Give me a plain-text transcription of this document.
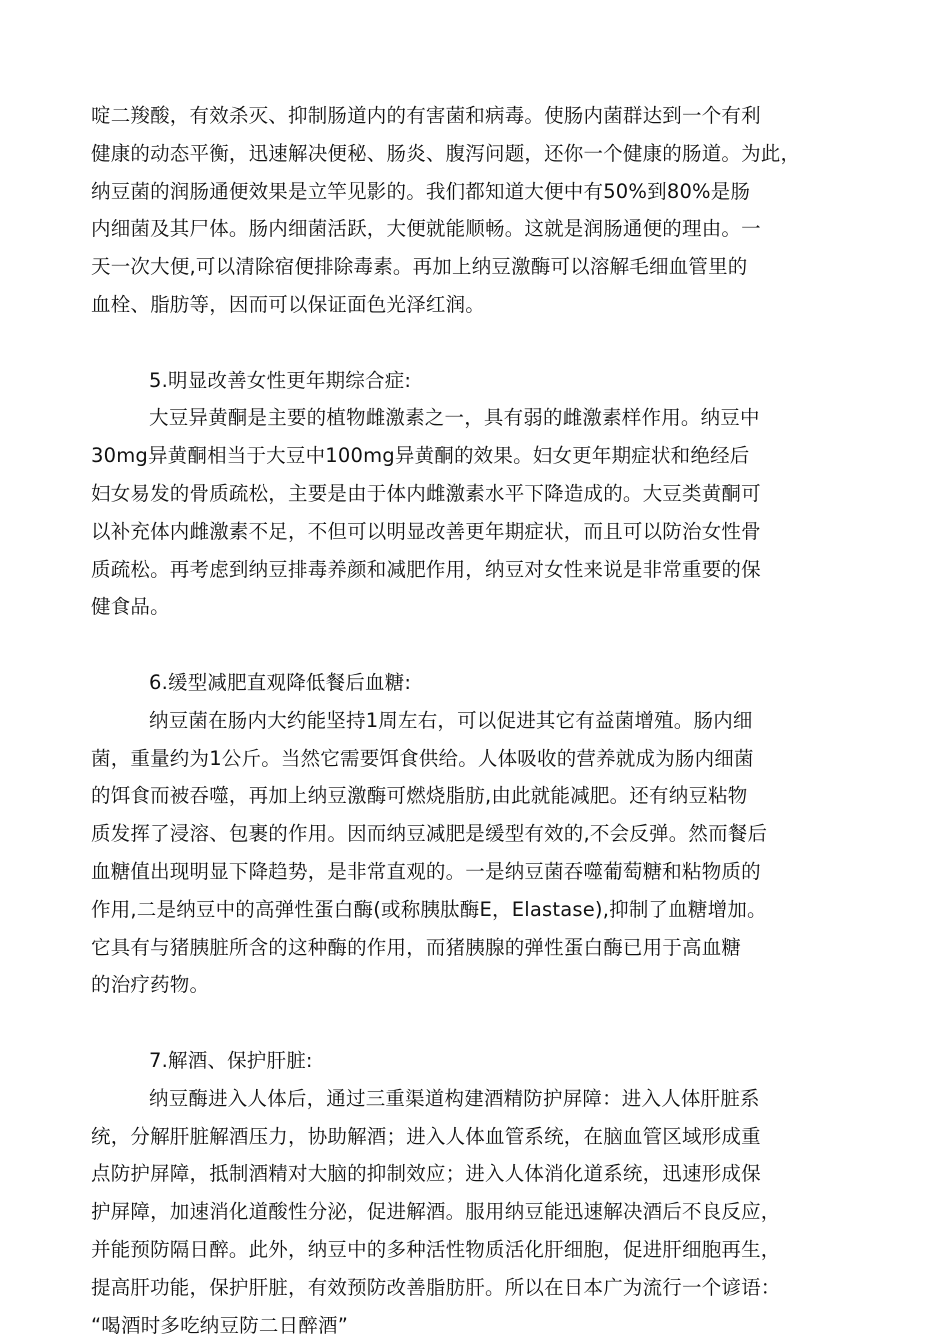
啶二羧酸，有效杀灭、抑制肠道内的有害菌和病毒。使肠内菌群达到一个有利
健康的动态平衡，迅速解决便秘、肠炎、腹泻问题，还你一个健康的肠道。为此，
纳豆菌的润肠通便效果是立竿见影的。我们都知道大便中有50%到80%是肠
内细菌及其尸体。肠内细菌活跃，大便就能顺畅。这就是润肠通便的理由。一
天一次大便,可以清除宿便排除毒素。再加上纳豆激酶可以溶解毛细血管里的
血栓、脂肪等，因而可以保证面色光泽红润。

5.明显改善女性更年期综合症:

大豆异黄酮是主要的植物雌激素之一，具有弱的雌激素样作用。纳豆中
30mg异黄酮相当于大豆中100mg异黄酮的效果。妇女更年期症状和绝经后
妇女易发的骨质疏松，主要是由于体内雌激素水平下降造成的。大豆类黄酮可
以补充体内雌激素不足，不但可以明显改善更年期症状，而且可以防治女性骨
质疏松。再考虑到纳豆排毒养颜和减肥作用，纳豆对女性来说是非常重要的保
健食品。

6.缓型减肥直观降低餐后血糖:

纳豆菌在肠内大约能坚持1周左右，可以促进其它有益菌增殖。肠内细
菌，重量约为1公斤。当然它需要饵食供给。人体吸收的营养就成为肠内细菌
的饵食而被吞噬，再加上纳豆激酶可燃烧脂肪,由此就能减肥。还有纳豆粘物
质发挥了浸溶、包裹的作用。因而纳豆减肥是缓型有效的,不会反弹。然而餐后
血糖值出现明显下降趋势，是非常直观的。一是纳豆菌吞噬葡萄糖和粘物质的
作用,二是纳豆中的高弹性蛋白酶(或称胰肽酶E，Elastase),抑制了血糖增加。
它具有与猪胰脏所含的这种酶的作用，而猪胰腺的弹性蛋白酶已用于高血糖
的治疗药物。

7.解酒、保护肝脏:

纳豆酶进入人体后，通过三重渠道构建酒精防护屏障：进入人体肝脏系
统，分解肝脏解酒压力，协助解酒；进入人体血管系统，在脑血管区域形成重
点防护屏障，抵制酒精对大脑的抑制效应；进入人体消化道系统，迅速形成保
护屏障，加速消化道酸性分泌，促进解酒。服用纳豆能迅速解决酒后不良反应，
并能预防隔日醉。此外，纳豆中的多种活性物质活化肝细胞，促进肝细胞再生，
提高肝功能，保护肝脏，有效预防改善脂肪肝。所以在日本广为流行一个谚语：
“喝酒时多吃纳豆防二日醉酒”
